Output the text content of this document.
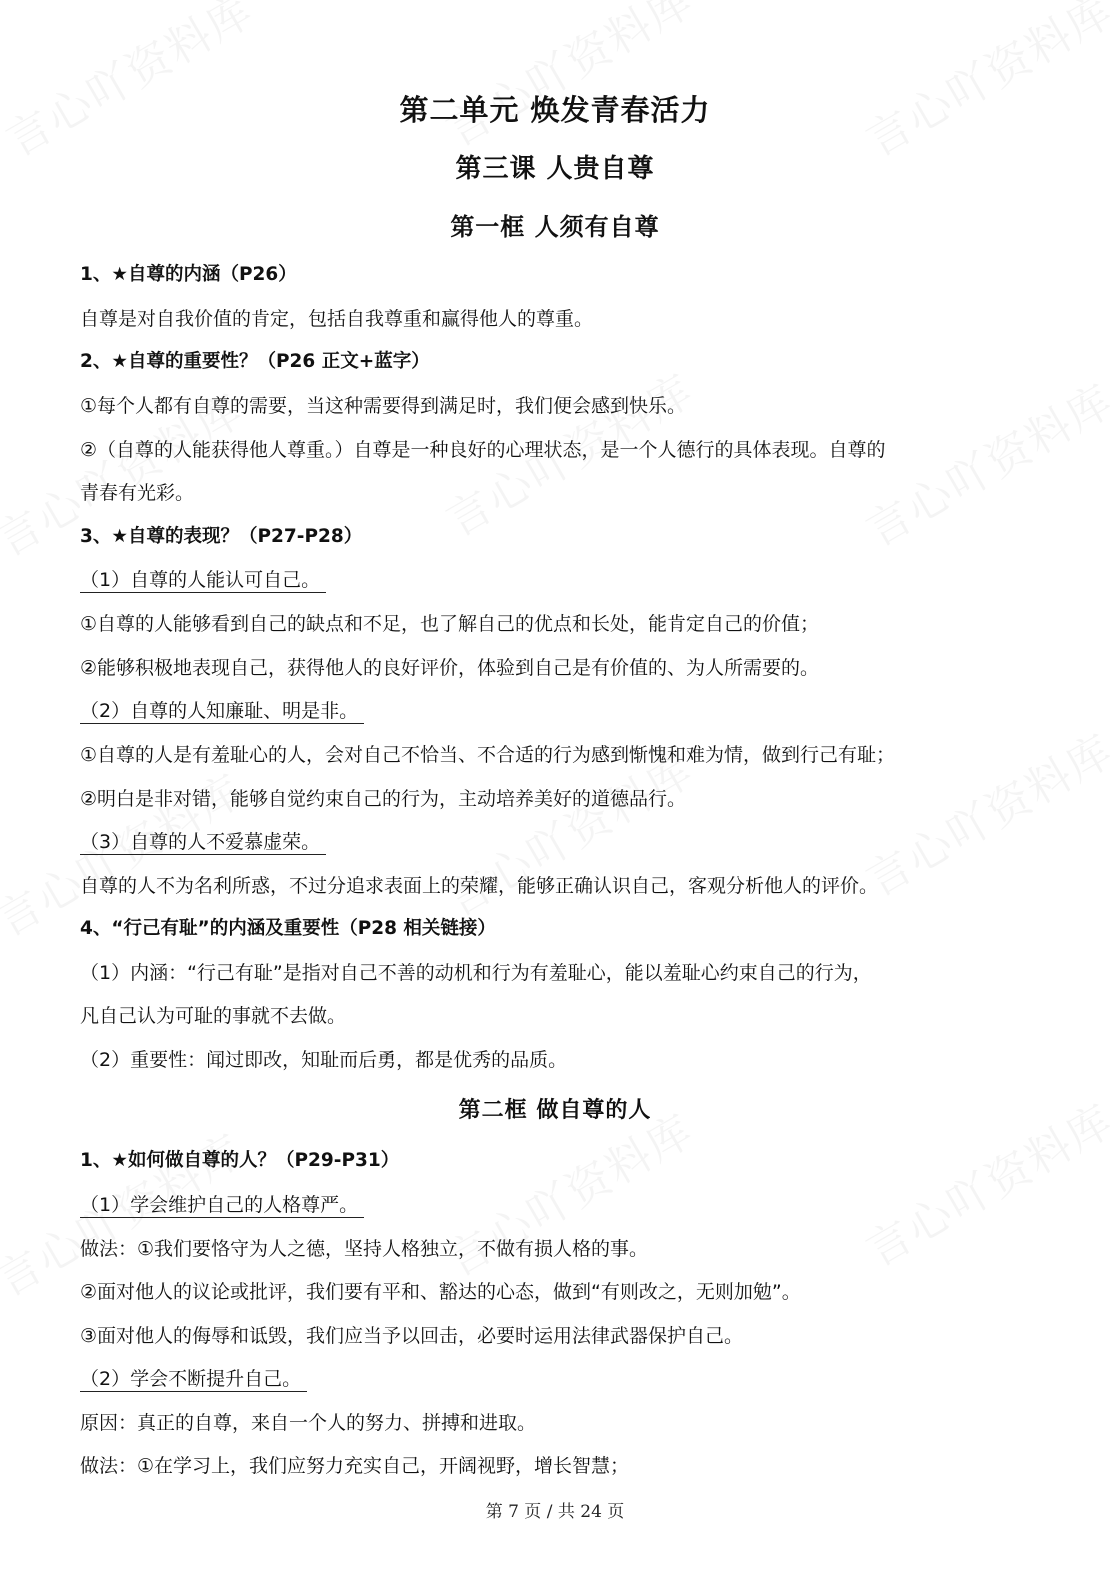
第二单元 焕发青春活力
第三课 人贵自尊
第一框 人须有自尊

1、★自尊的内涵（P26）

自尊是对自我价值的肯定，包括自我尊重和赢得他人的尊重。

2、★自尊的重要性？（P26 正文+蓝字）

①每个人都有自尊的需要，当这种需要得到满足时，我们便会感到快乐。

②（自尊的人能获得他人尊重。）自尊是一种良好的心理状态，是一个人德行的具体表现。自尊的

青春有光彩。

3、★自尊的表现？（P27-P28）

（1）自尊的人能认可自己。

①自尊的人能够看到自己的缺点和不足，也了解自己的优点和长处，能肯定自己的价值；

②能够积极地表现自己，获得他人的良好评价，体验到自己是有价值的、为人所需要的。

（2）自尊的人知廉耻、明是非。

①自尊的人是有羞耻心的人，会对自己不恰当、不合适的行为感到惭愧和难为情，做到行己有耻；

②明白是非对错，能够自觉约束自己的行为，主动培养美好的道德品行。

（3）自尊的人不爱慕虚荣。

自尊的人不为名利所惑，不过分追求表面上的荣耀，能够正确认识自己，客观分析他人的评价。

4、“行己有耻”的内涵及重要性（P28 相关链接）

（1）内涵：“行己有耻”是指对自己不善的动机和行为有羞耻心，能以羞耻心约束自己的行为，

凡自己认为可耻的事就不去做。

（2）重要性：闻过即改，知耻而后勇，都是优秀的品质。

第二框 做自尊的人

1、★如何做自尊的人？（P29-P31）

（1）学会维护自己的人格尊严。

做法：①我们要恪守为人之德，坚持人格独立，不做有损人格的事。

②面对他人的议论或批评，我们要有平和、豁达的心态，做到“有则改之，无则加勉”。

③面对他人的侮辱和诋毁，我们应当予以回击，必要时运用法律武器保护自己。

（2）学会不断提升自己。

原因：真正的自尊，来自一个人的努力、拼搏和进取。

做法：①在学习上，我们应努力充实自己，开阔视野，增长智慧；

第 7 页 / 共 24 页
